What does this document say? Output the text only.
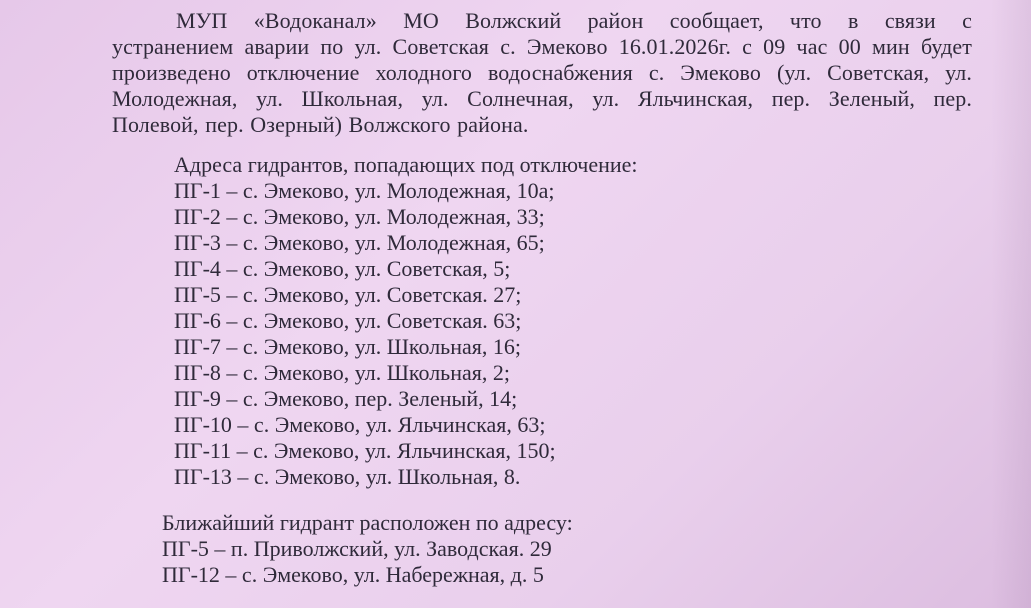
МУП «Водоканал» МО Волжский район сообщает, что в связи с
устранением аварии по ул. Советская с. Эмеково 16.01.2026г. с 09 час 00 мин будет
произведено отключение холодного водоснабжения с. Эмеково (ул. Советская, ул.
Молодежная, ул. Школьная, ул. Солнечная, ул. Яльчинская, пер. Зеленый, пер.
Полевой, пер. Озерный) Волжского района.
Адреса гидрантов, попадающих под отключение:
ПГ-1 – с. Эмеково, ул. Молодежная, 10а;
ПГ-2 – с. Эмеково, ул. Молодежная, 33;
ПГ-3 – с. Эмеково, ул. Молодежная, 65;
ПГ-4 – с. Эмеково, ул. Советская, 5;
ПГ-5 – с. Эмеково, ул. Советская. 27;
ПГ-6 – с. Эмеково, ул. Советская. 63;
ПГ-7 – с. Эмеково, ул. Школьная, 16;
ПГ-8 – с. Эмеково, ул. Школьная, 2;
ПГ-9 – с. Эмеково, пер. Зеленый, 14;
ПГ-10 – с. Эмеково, ул. Яльчинская, 63;
ПГ-11 – с. Эмеково, ул. Яльчинская, 150;
ПГ-13 – с. Эмеково, ул. Школьная, 8.
Ближайший гидрант расположен по адресу:
ПГ-5 – п. Приволжский, ул. Заводская. 29
ПГ-12 – с. Эмеково, ул. Набережная, д. 5
